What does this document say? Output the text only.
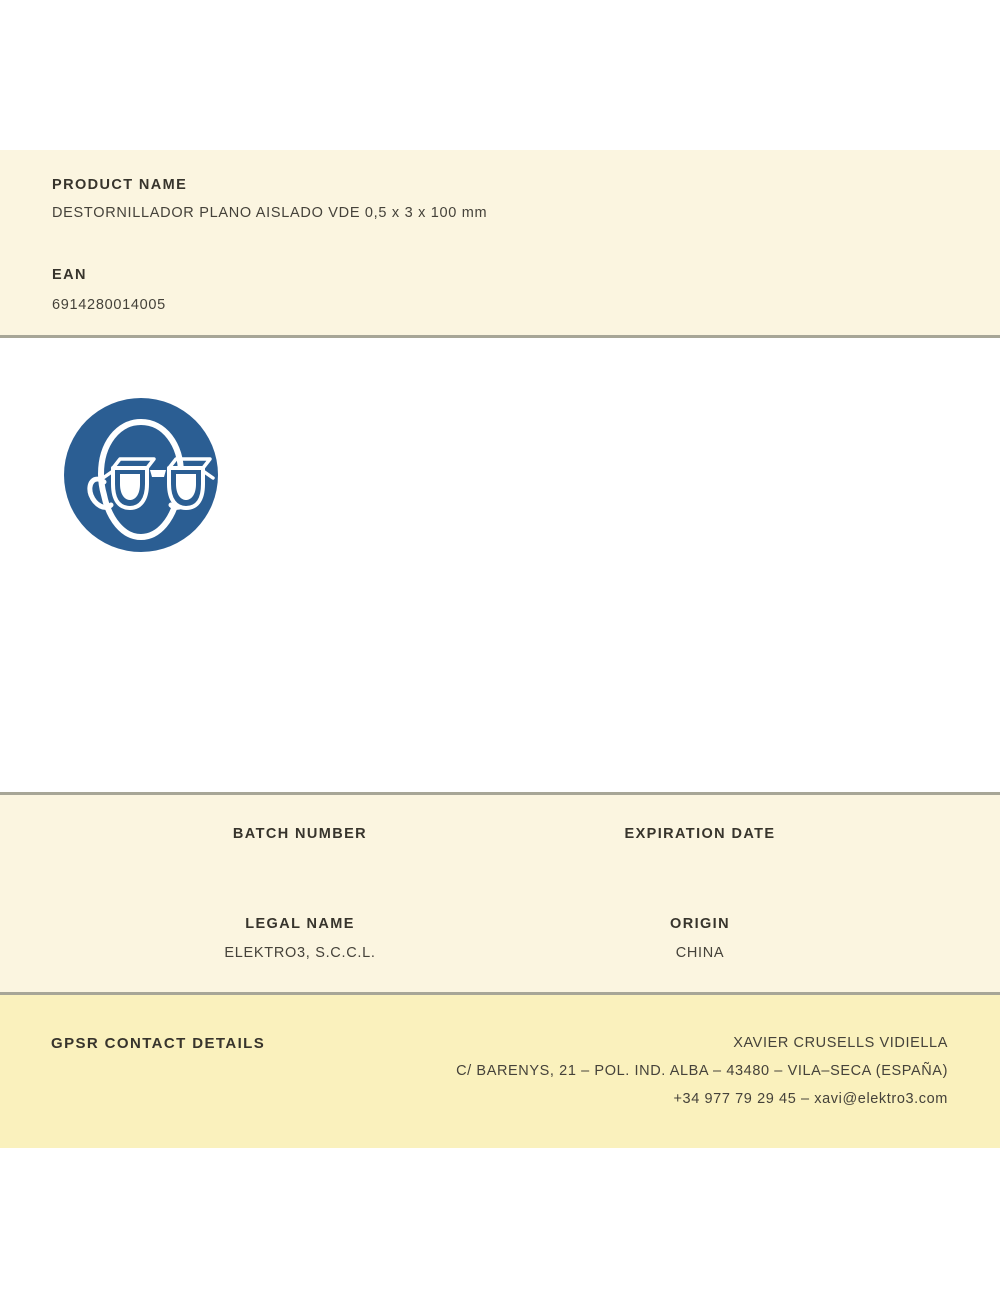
PRODUCT NAME
DESTORNILLADOR PLANO AISLADO VDE 0,5 x 3 x 100 mm
EAN
6914280014005
BATCH NUMBER	EXPIRATION DATE
LEGAL NAME
ELEKTRO3, S.C.C.L.
ORIGIN
CHINA
GPSR CONTACT DETAILS	XAVIER CRUSELLS VIDIELLA
C/ BARENYS, 21 – POL. IND. ALBA – 43480 – VILA–SECA (ESPAÑA)
+34 977 79 29 45 – xavi@elektro3.com
